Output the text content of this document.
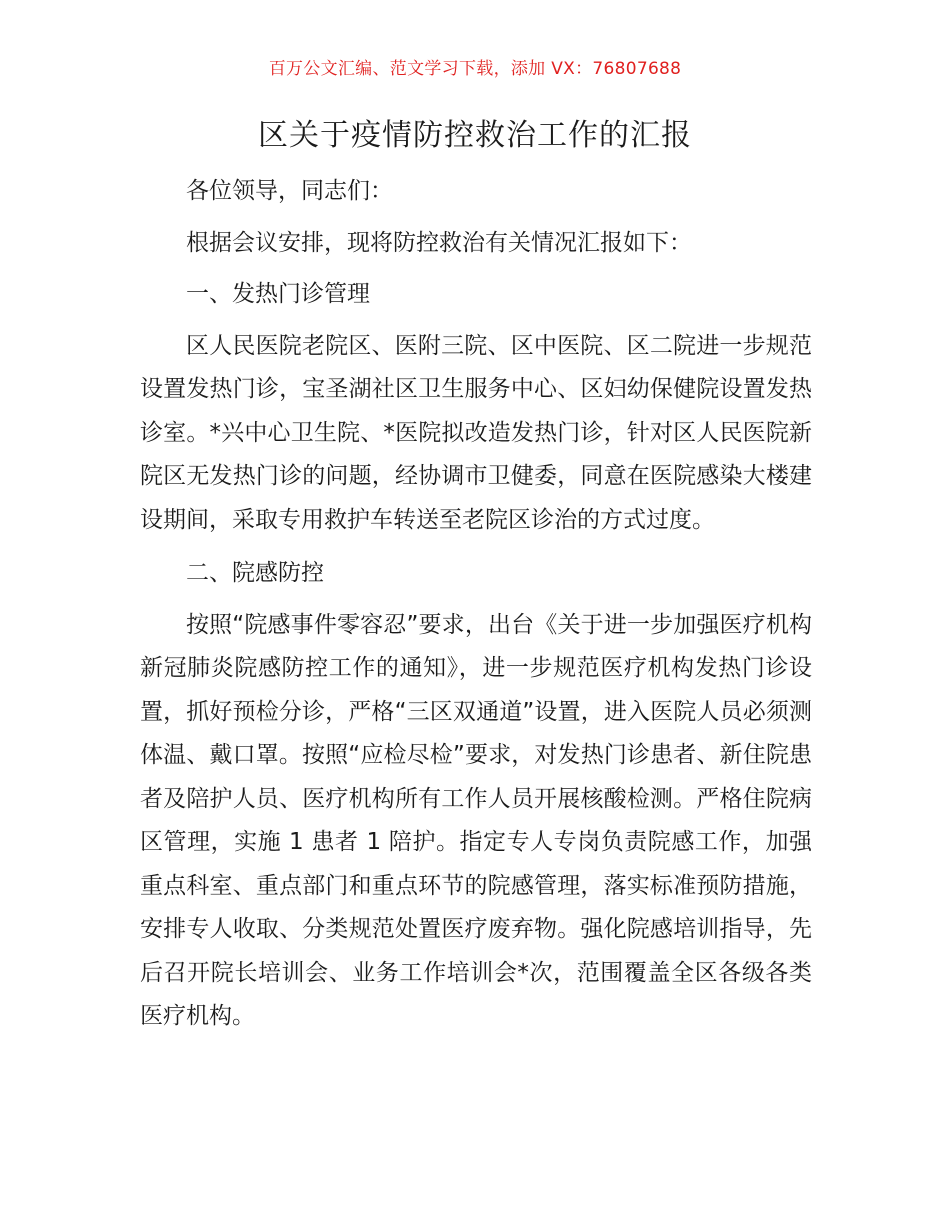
百万公文汇编、范文学习下载，添加 VX：76807688
区关于疫情防控救治工作的汇报

各位领导，同志们：

根据会议安排，现将防控救治有关情况汇报如下：

一、发热门诊管理

区人民医院老院区、医附三院、区中医院、区二院进一步规范设置发热门诊，宝圣湖社区卫生服务中心、区妇幼保健院设置发热诊室。*兴中心卫生院、*医院拟改造发热门诊，针对区人民医院新院区无发热门诊的问题，经协调市卫健委，同意在医院感染大楼建设期间，采取专用救护车转送至老院区诊治的方式过度。

二、院感防控

按照“院感事件零容忍”要求，出台《关于进一步加强医疗机构新冠肺炎院感防控工作的通知》，进一步规范医疗机构发热门诊设置，抓好预检分诊，严格“三区双通道”设置，进入医院人员必须测体温、戴口罩。按照“应检尽检”要求，对发热门诊患者、新住院患者及陪护人员、医疗机构所有工作人员开展核酸检测。严格住院病区管理，实施 1 患者 1 陪护。指定专人专岗负责院感工作，加强重点科室、重点部门和重点环节的院感管理，落实标准预防措施，安排专人收取、分类规范处置医疗废弃物。强化院感培训指导，先后召开院长培训会、业务工作培训会*次，范围覆盖全区各级各类医疗机构。
